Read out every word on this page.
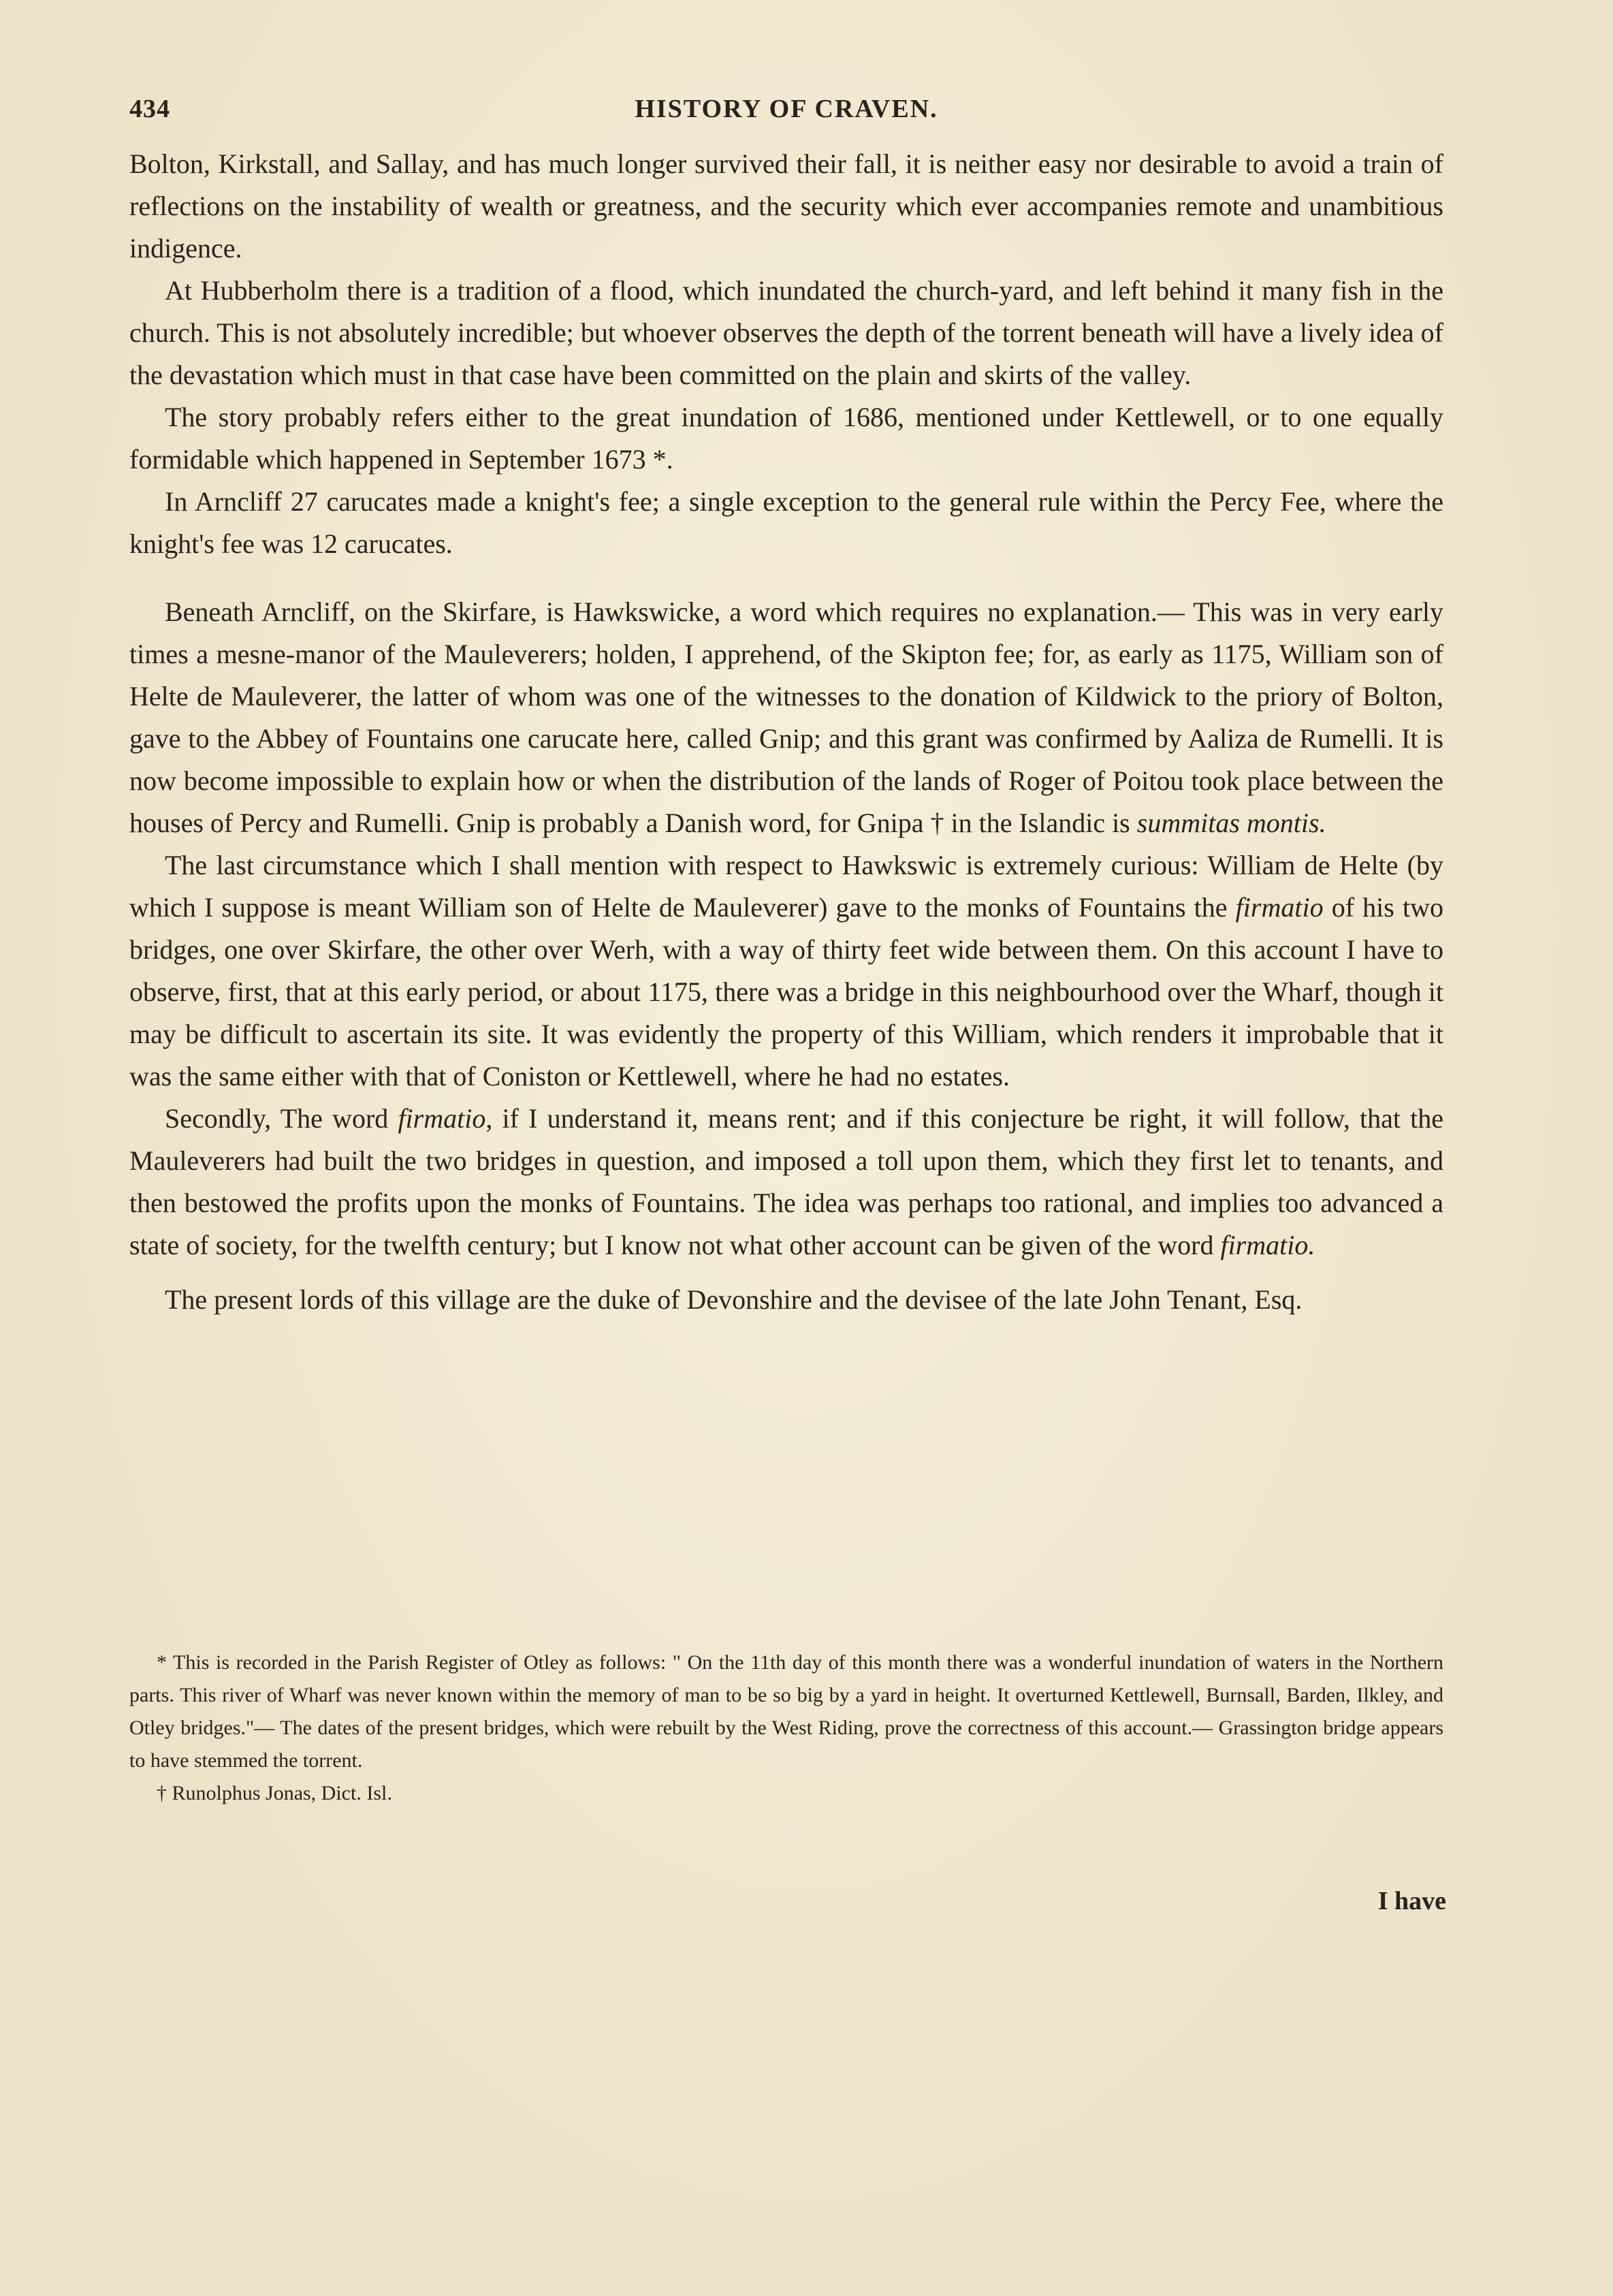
434	HISTORY OF CRAVEN.

Bolton, Kirkstall, and Sallay, and has much longer survived their fall, it is neither easy nor desirable to avoid a train of reflections on the instability of wealth or greatness, and the security which ever accompanies remote and unambitious indigence.

At Hubberholm there is a tradition of a flood, which inundated the church-yard, and left behind it many fish in the church. This is not absolutely incredible; but whoever observes the depth of the torrent beneath will have a lively idea of the devastation which must in that case have been committed on the plain and skirts of the valley.

The story probably refers either to the great inundation of 1686, mentioned under Kettlewell, or to one equally formidable which happened in September 1673 *.

In Arncliff 27 carucates made a knight's fee; a single exception to the general rule within the Percy Fee, where the knight's fee was 12 carucates.

Beneath Arncliff, on the Skirfare, is Hawkswicke, a word which requires no explanation.— This was in very early times a mesne-manor of the Mauleverers; holden, I apprehend, of the Skipton fee; for, as early as 1175, William son of Helte de Mauleverer, the latter of whom was one of the witnesses to the donation of Kildwick to the priory of Bolton, gave to the Abbey of Fountains one carucate here, called Gnip; and this grant was confirmed by Aaliza de Rumelli. It is now become impossible to explain how or when the distribution of the lands of Roger of Poitou took place between the houses of Percy and Rumelli. Gnip is probably a Danish word, for Gnipa † in the Islandic is summitas montis.

The last circumstance which I shall mention with respect to Hawkswic is extremely curious: William de Helte (by which I suppose is meant William son of Helte de Mauleverer) gave to the monks of Fountains the firmatio of his two bridges, one over Skirfare, the other over Werh, with a way of thirty feet wide between them. On this account I have to observe, first, that at this early period, or about 1175, there was a bridge in this neighbourhood over the Wharf, though it may be difficult to ascertain its site. It was evidently the property of this William, which renders it improbable that it was the same either with that of Coniston or Kettlewell, where he had no estates.

Secondly, The word firmatio, if I understand it, means rent; and if this conjecture be right, it will follow, that the Mauleverers had built the two bridges in question, and imposed a toll upon them, which they first let to tenants, and then bestowed the profits upon the monks of Fountains. The idea was perhaps too rational, and implies too advanced a state of society, for the twelfth century; but I know not what other account can be given of the word firmatio.

The present lords of this village are the duke of Devonshire and the devisee of the late John Tenant, Esq.

* This is recorded in the Parish Register of Otley as follows: " On the 11th day of this month there was a wonderful inundation of waters in the Northern parts. This river of Wharf was never known within the memory of man to be so big by a yard in height. It overturned Kettlewell, Burnsall, Barden, Ilkley, and Otley bridges."— The dates of the present bridges, which were rebuilt by the West Riding, prove the correctness of this account.— Grassington bridge appears to have stemmed the torrent.

† Runolphus Jonas, Dict. Isl.

I have
